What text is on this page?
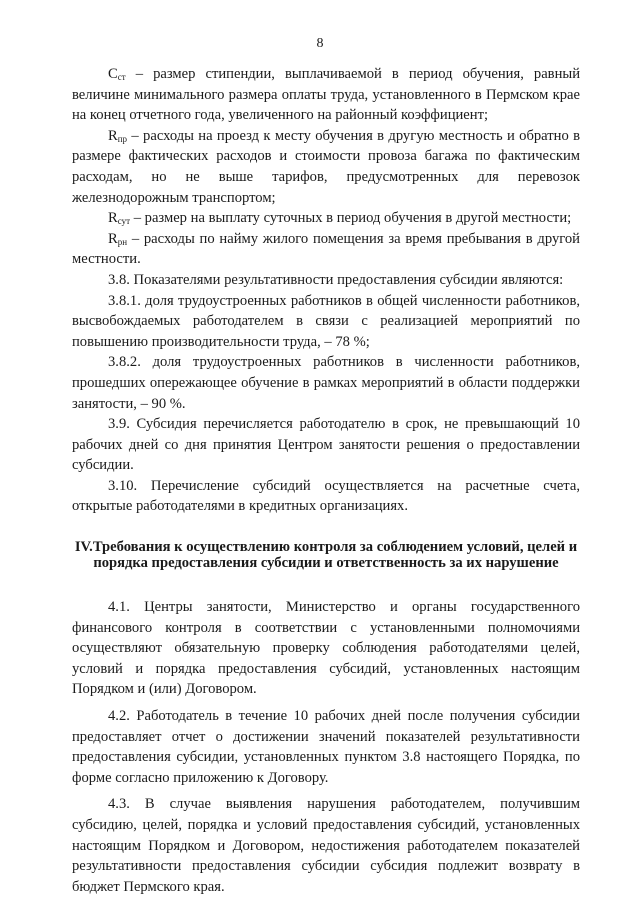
8

$C_{ст}$ – размер стипендии, выплачиваемой в период обучения, равный величине минимального размера оплаты труда, установленного в Пермском крае на конец отчетного года, увеличенного на районный коэффициент;

$R_{пр}$ – расходы на проезд к месту обучения в другую местность и обратно в размере фактических расходов и стоимости провоза багажа по фактическим расходам, но не выше тарифов, предусмотренных для перевозок железнодорожным транспортом;

$R_{сут}$ – размер на выплату суточных в период обучения в другой местности;

$R_{рн}$ – расходы по найму жилого помещения за время пребывания в другой местности.

3.8. Показателями результативности предоставления субсидии являются:

3.8.1. доля трудоустроенных работников в общей численности работников, высвобождаемых работодателем в связи с реализацией мероприятий по повышению производительности труда, – 78 %;

3.8.2. доля трудоустроенных работников в численности работников, прошедших опережающее обучение в рамках мероприятий в области поддержки занятости, – 90 %.

3.9. Субсидия перечисляется работодателю в срок, не превышающий 10 рабочих дней со дня принятия Центром занятости решения о предоставлении субсидии.

3.10. Перечисление субсидий осуществляется на расчетные счета, открытые работодателями в кредитных организациях.

IV.Требования к осуществлению контроля за соблюдением условий, целей и порядка предоставления субсидии и ответственность за их нарушение

4.1. Центры занятости, Министерство и органы государственного финансового контроля в соответствии с установленными полномочиями осуществляют обязательную проверку соблюдения работодателями целей, условий и порядка предоставления субсидий, установленных настоящим Порядком и (или) Договором.

4.2. Работодатель в течение 10 рабочих дней после получения субсидии предоставляет отчет о достижении значений показателей результативности предоставления субсидии, установленных пунктом 3.8 настоящего Порядка, по форме согласно приложению к Договору.

4.3. В случае выявления нарушения работодателем, получившим субсидию, целей, порядка и условий предоставления субсидий, установленных настоящим Порядком и Договором, недостижения работодателем показателей результативности предоставления субсидии субсидия подлежит возврату в бюджет Пермского края.
